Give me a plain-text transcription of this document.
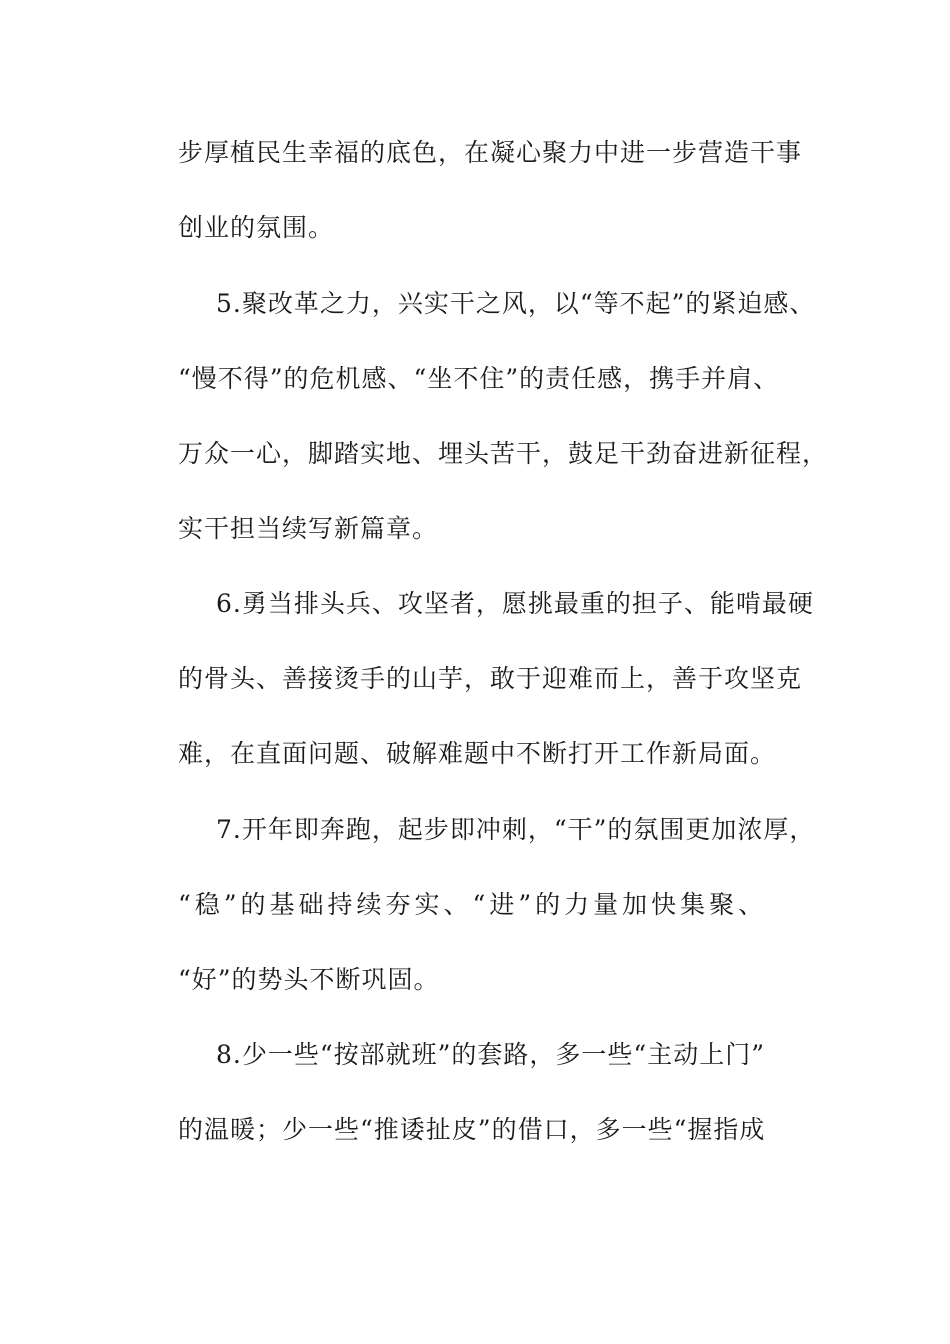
步厚植民生幸福的底色，在凝心聚力中进一步营造干事
创业的氛围。
5.聚改革之力，兴实干之风，以“等不起”的紧迫感、
“慢不得”的危机感、“坐不住”的责任感，携手并肩、
万众一心，脚踏实地、埋头苦干，鼓足干劲奋进新征程，
实干担当续写新篇章。
6.勇当排头兵、攻坚者，愿挑最重的担子、能啃最硬
的骨头、善接烫手的山芋，敢于迎难而上，善于攻坚克
难，在直面问题、破解难题中不断打开工作新局面。
7.开年即奔跑，起步即冲刺，“干”的氛围更加浓厚，
“稳”的基础持续夯实、“进”的力量加快集聚、
“好”的势头不断巩固。
8.少一些“按部就班”的套路，多一些“主动上门”
的温暖；少一些“推诿扯皮”的借口，多一些“握指成
